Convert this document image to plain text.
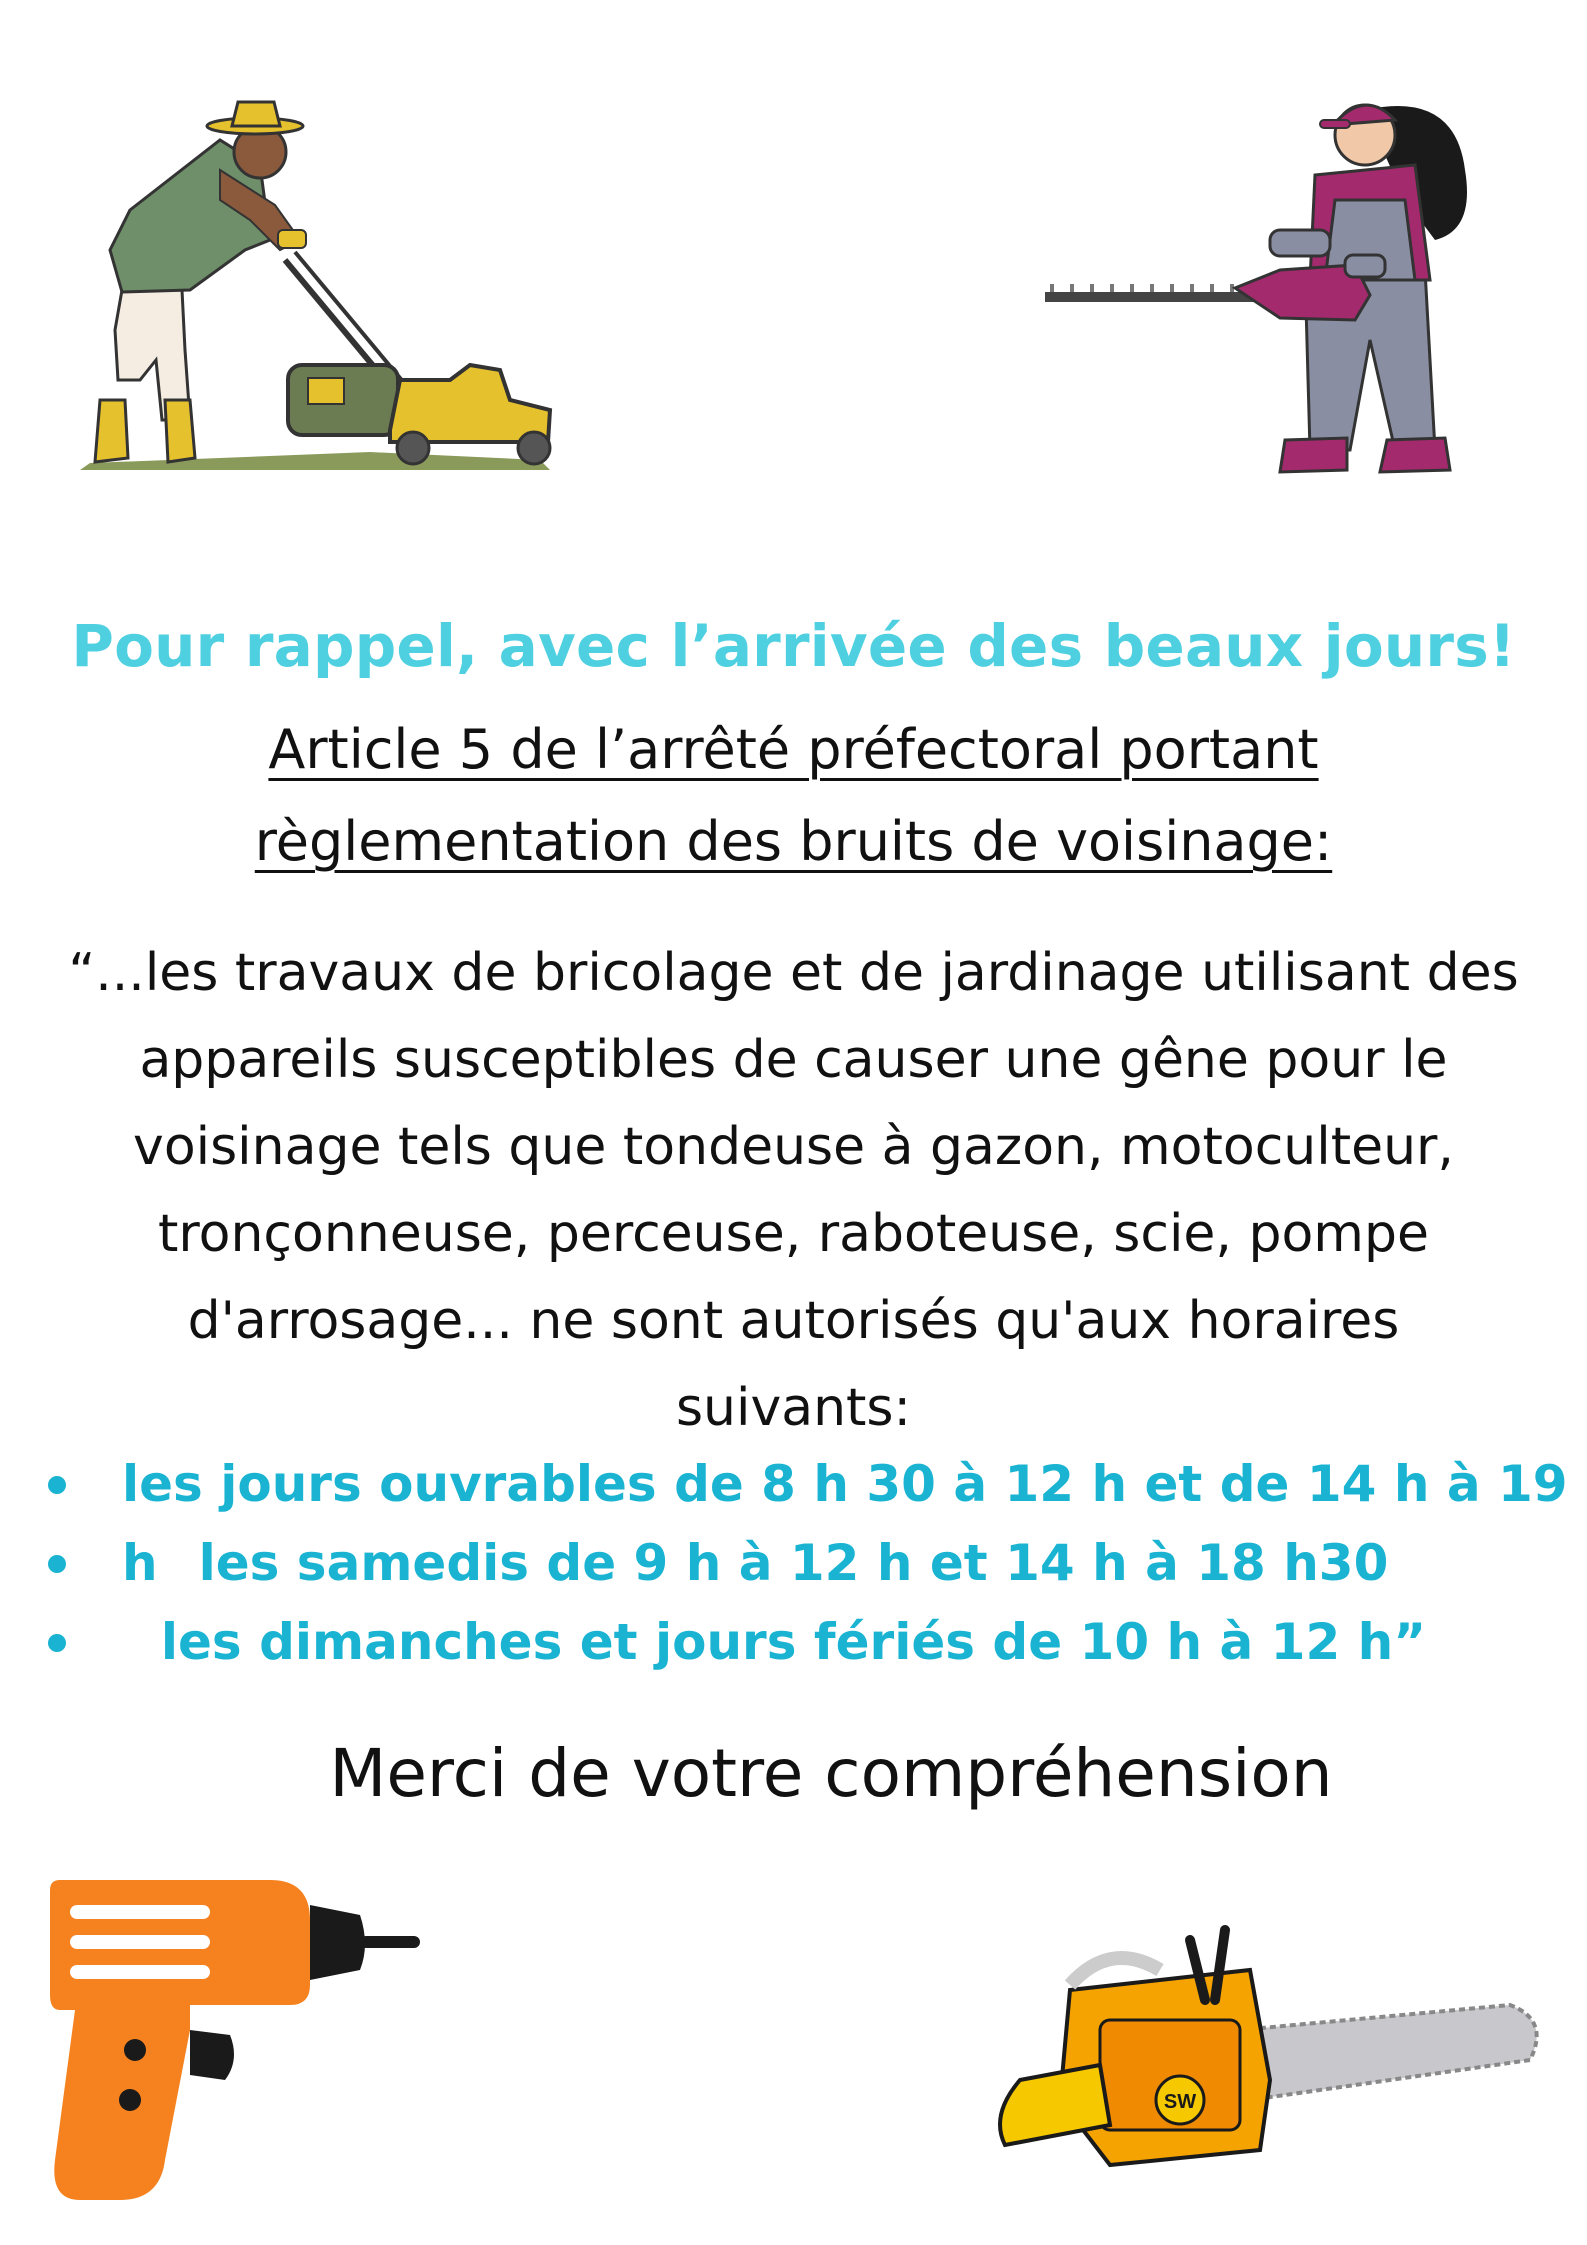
Pour rappel, avec l’arrivée des beaux jours!
Article 5 de l’arrêté préfectoral portant
règlementation des bruits de voisinage:
“...les travaux de bricolage et de jardinage utilisant des
appareils susceptibles de causer une gêne pour le
voisinage tels que tondeuse à gazon, motoculteur,
tronçonneuse, perceuse, raboteuse, scie, pompe
d'arrosage... ne sont autorisés qu'aux horaires
suivants:
les jours ouvrables de 8 h 30 à 12 h et de 14 h à 19 h les samedis de 9 h à 12 h et 14 h à 18 h30
les dimanches et jours fériés de 10 h à 12 h”
Merci de votre compréhension
SW
